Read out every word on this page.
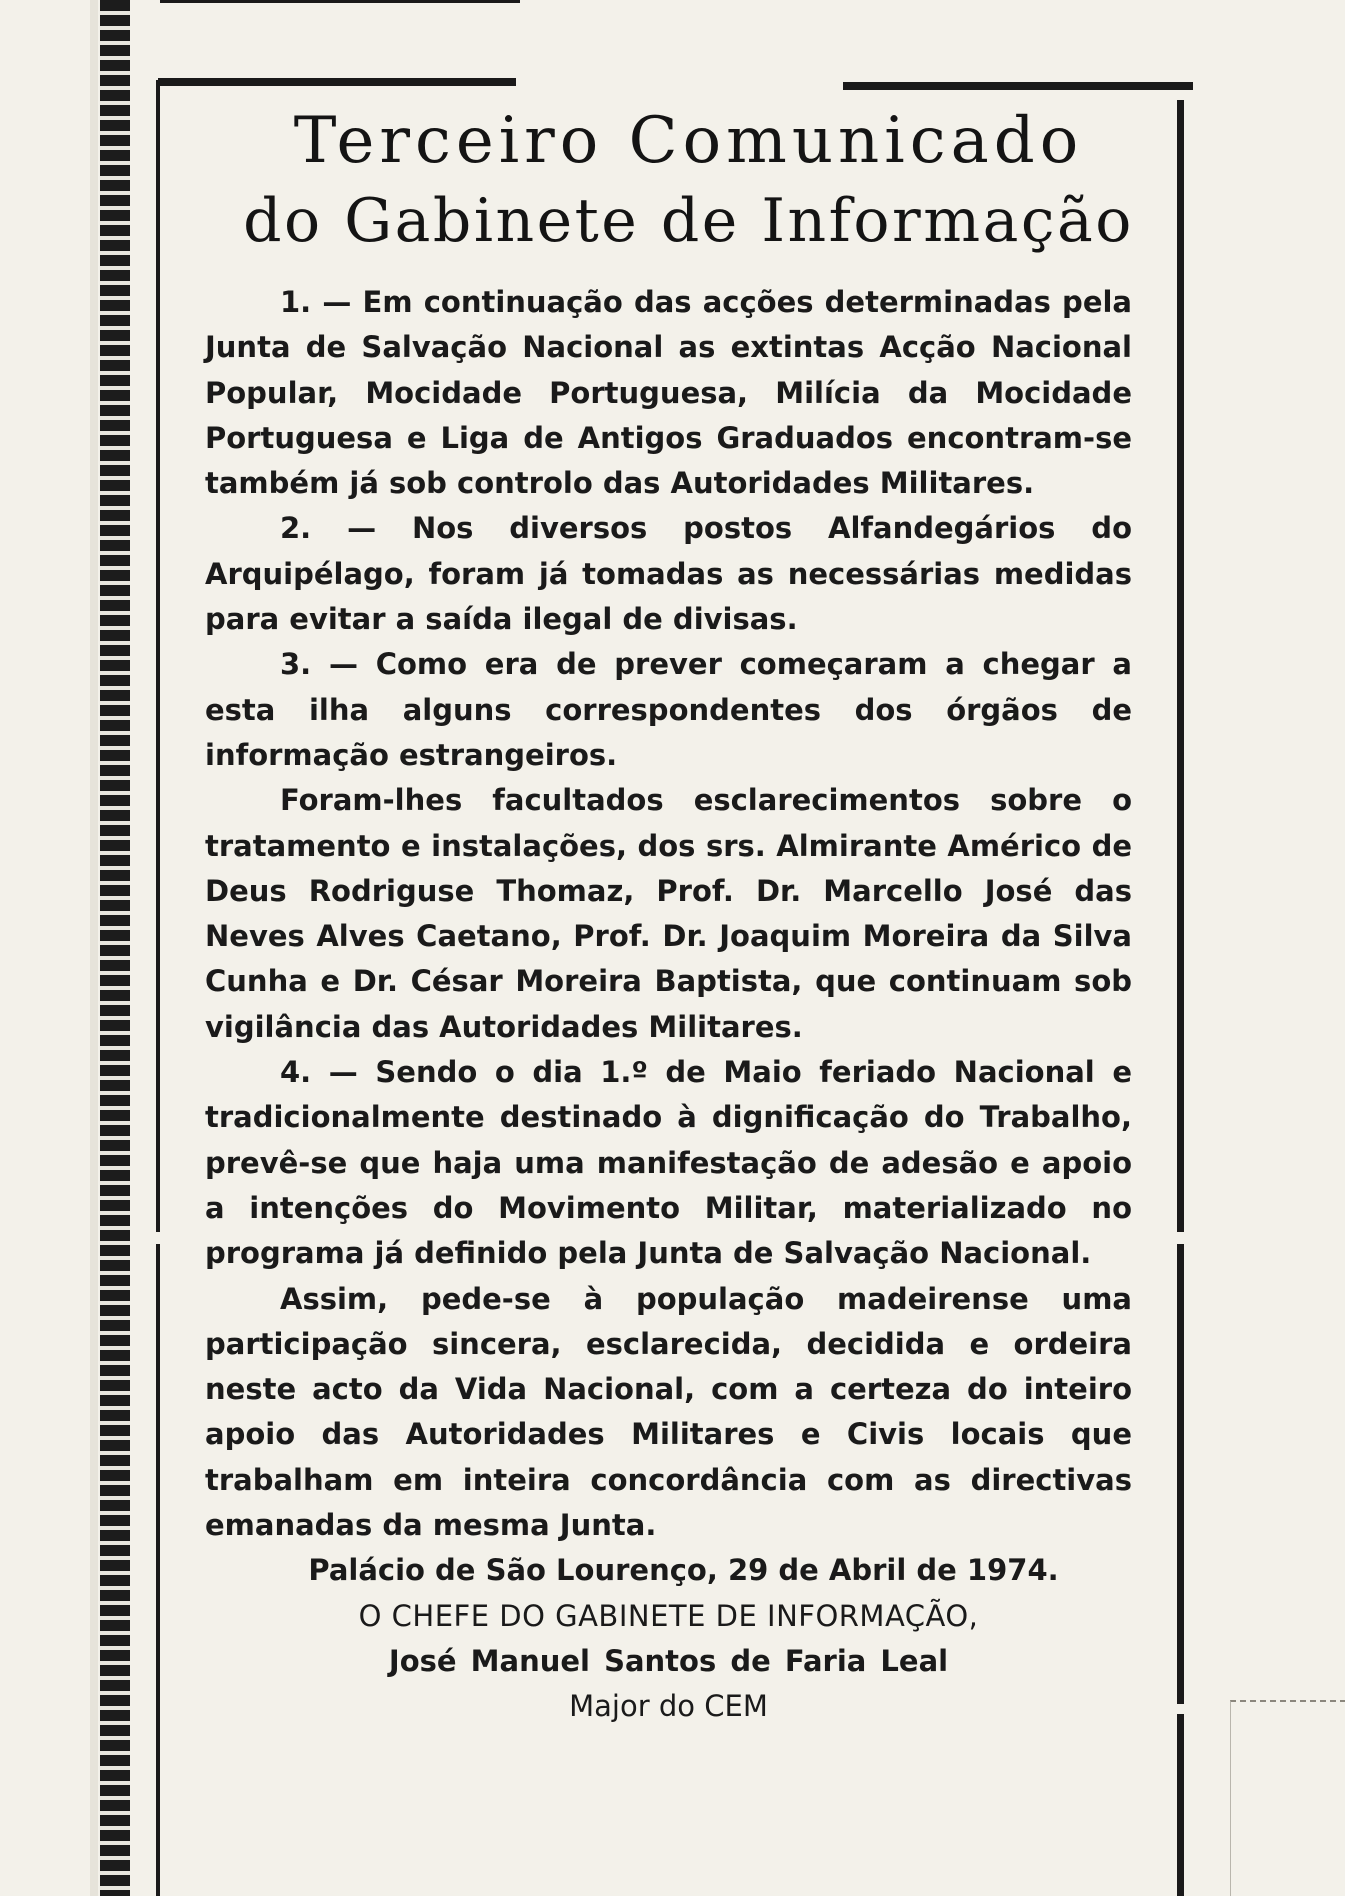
Terceiro Comunicado
do Gabinete de Informação

1. — Em continuação das acções determinadas pela Junta de Salvação Nacional as extintas Acção Nacional Popular, Mocidade Portuguesa, Milícia da Mocidade Portuguesa e Liga de Antigos Graduados encontram-se também já sob controlo das Autoridades Militares.

2. — Nos diversos postos Alfandegários do Arquipélago, foram já tomadas as necessárias medidas para evitar a saída ilegal de divisas.

3. — Como era de prever começaram a chegar a esta ilha alguns correspondentes dos órgãos de informação estrangeiros.

Foram-lhes facultados esclarecimentos sobre o tratamento e instalações, dos srs. Almirante Américo de Deus Rodriguse Thomaz, Prof. Dr. Marcello José das Neves Alves Caetano, Prof. Dr. Joaquim Moreira da Silva Cunha e Dr. César Moreira Baptista, que continuam sob vigilância das Autoridades Militares.

4. — Sendo o dia 1.º de Maio feriado Nacional e tradicionalmente destinado à dignificação do Trabalho, prevê-se que haja uma manifestação de adesão e apoio a intenções do Movimento Militar, materializado no programa já definido pela Junta de Salvação Nacional.

Assim, pede-se à população madeirense uma participação sincera, esclarecida, decidida e ordeira neste acto da Vida Nacional, com a certeza do inteiro apoio das Autoridades Militares e Civis locais que trabalham em inteira concordância com as directivas emanadas da mesma Junta.

Palácio de São Lourenço, 29 de Abril de 1974.
O CHEFE DO GABINETE DE INFORMAÇÃO,
José Manuel Santos de Faria Leal
Major do CEM
